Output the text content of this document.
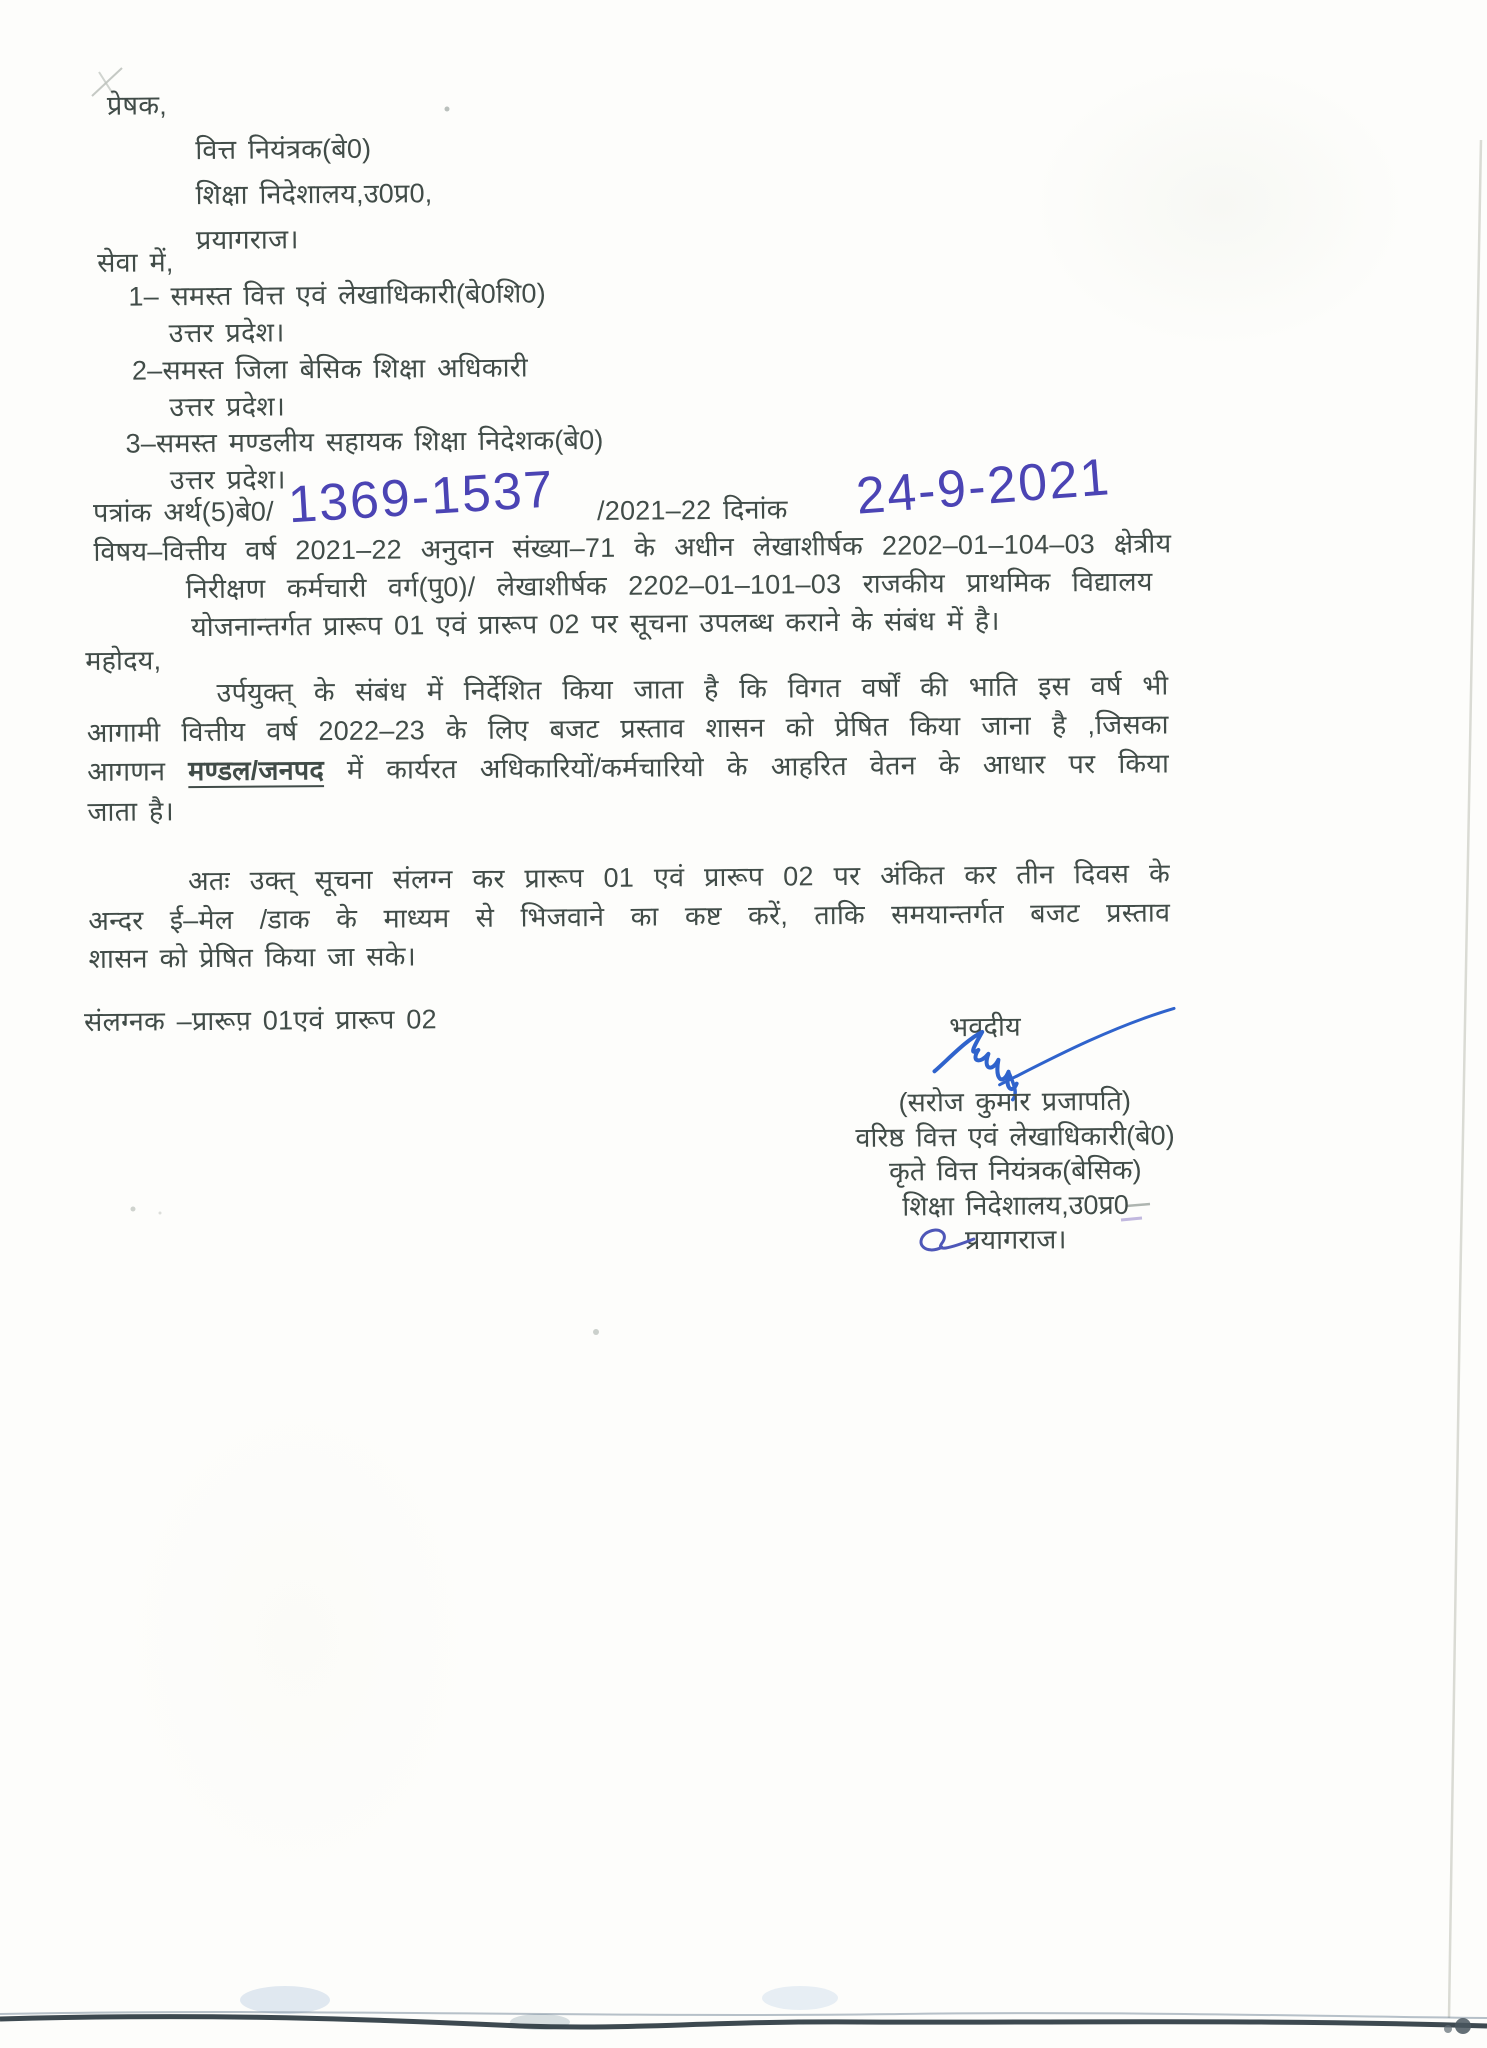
प्रेषक,
वित्त नियंत्रक(बे0)
शिक्षा निदेशालय,उ0प्र0,
प्रयागराज।
सेवा में,
1– समस्त वित्त एवं लेखाधिकारी(बे0शि0)
उत्तर प्रदेश।
2–समस्त जिला बेसिक शिक्षा अधिकारी
उत्तर प्रदेश।
3–समस्त मण्डलीय सहायक शिक्षा निदेशक(बे0)
उत्तर प्रदेश।
पत्रांक अर्थ(5)बे0/ 1369-1537 /2021–22 दिनांक 24-9-2021
विषय–वित्तीय वर्ष 2021–22 अनुदान संख्या–71 के अधीन लेखाशीर्षक 2202–01–104–03 क्षेत्रीय
निरीक्षण कर्मचारी वर्ग(पु0)/ लेखाशीर्षक 2202–01–101–03 राजकीय प्राथमिक विद्यालय
योजनान्तर्गत प्रारूप 01 एवं प्रारूप 02 पर सूचना उपलब्ध कराने के संबंध में है।
महोदय,
उर्पयुक्त् के संबंध में निर्देशित किया जाता है कि विगत वर्षों की भाति इस वर्ष भी
आगामी वित्तीय वर्ष 2022–23 के लिए बजट प्रस्ताव शासन को प्रेषित किया जाना है ,जिसका
आगणन मण्डल/जनपद में कार्यरत अधिकारियों/कर्मचारियो के आहरित वेतन के आधार पर किया
जाता है।
अतः उक्त् सूचना संलग्न कर प्रारूप 01 एवं प्रारूप 02 पर अंकित कर तीन दिवस के
अन्दर ई–मेल /डाक के माध्यम से भिजवाने का कष्ट करें, ताकि समयान्तर्गत बजट प्रस्ताव
शासन को प्रेषित किया जा सके।
संलग्नक –प्रारूप़ 01एवं प्रारूप 02	भवदीय
(सरोज कुमार प्रजापति)
वरिष्ठ वित्त एवं लेखाधिकारी(बे0)
कृते वित्त नियंत्रक(बेसिक)
शिक्षा निदेशालय,उ0प्र0
प्रयागराज।
